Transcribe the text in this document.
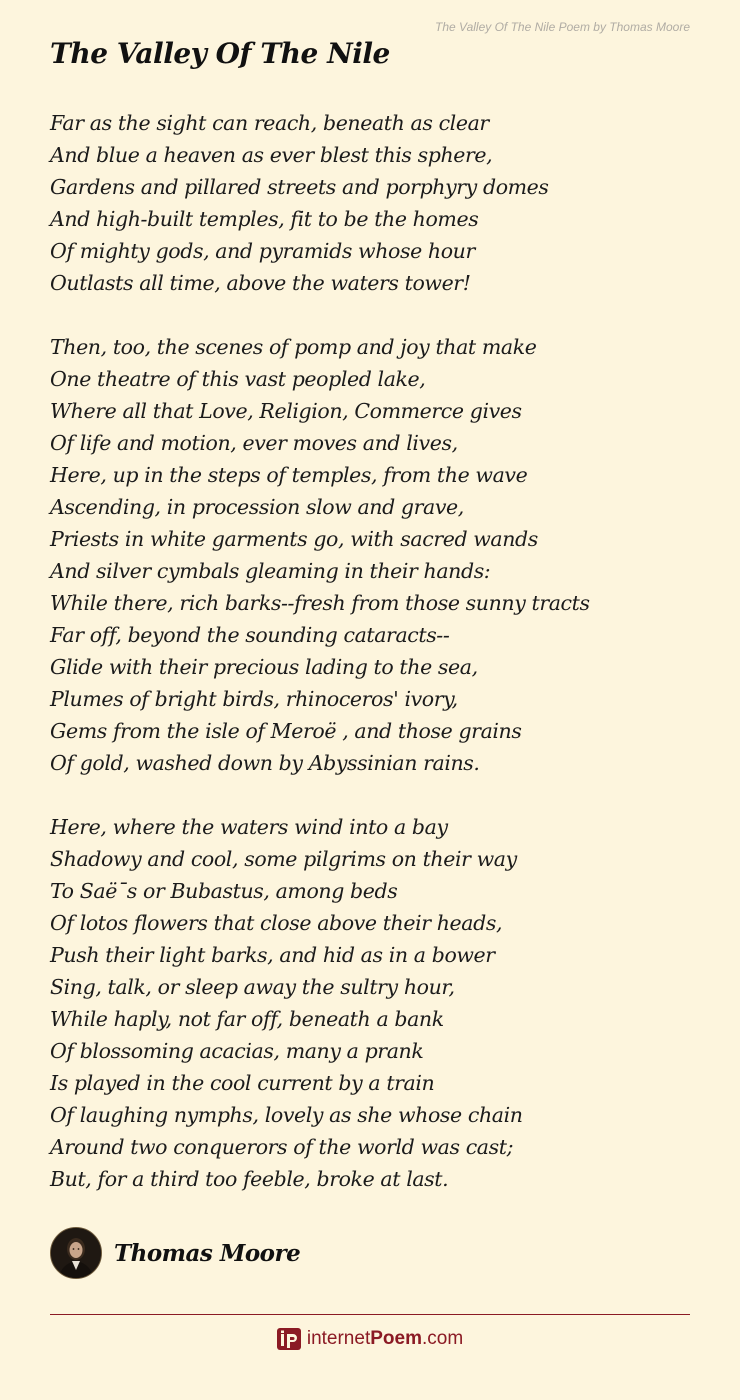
The Valley Of The Nile Poem by Thomas Moore
The Valley Of The Nile
Far as the sight can reach, beneath as clear
And blue a heaven as ever blest this sphere,
Gardens and pillared streets and porphyry domes
And high-built temples, fit to be the homes
Of mighty gods, and pyramids whose hour
Outlasts all time, above the waters tower!
Then, too, the scenes of pomp and joy that make
One theatre of this vast peopled lake,
Where all that Love, Religion, Commerce gives
Of life and motion, ever moves and lives,
Here, up in the steps of temples, from the wave
Ascending, in procession slow and grave,
Priests in white garments go, with sacred wands
And silver cymbals gleaming in their hands:
While there, rich barks--fresh from those sunny tracts
Far off, beyond the sounding cataracts--
Glide with their precious lading to the sea,
Plumes of bright birds, rhinoceros' ivory,
Gems from the isle of Meroë , and those grains
Of gold, washed down by Abyssinian rains.
Here, where the waters wind into a bay
Shadowy and cool, some pilgrims on their way
To Saë¯s or Bubastus, among beds
Of lotos flowers that close above their heads,
Push their light barks, and hid as in a bower
Sing, talk, or sleep away the sultry hour,
While haply, not far off, beneath a bank
Of blossoming acacias, many a prank
Is played in the cool current by a train
Of laughing nymphs, lovely as she whose chain
Around two conquerors of the world was cast;
But, for a third too feeble, broke at last.
Thomas Moore
internet Poem .com
